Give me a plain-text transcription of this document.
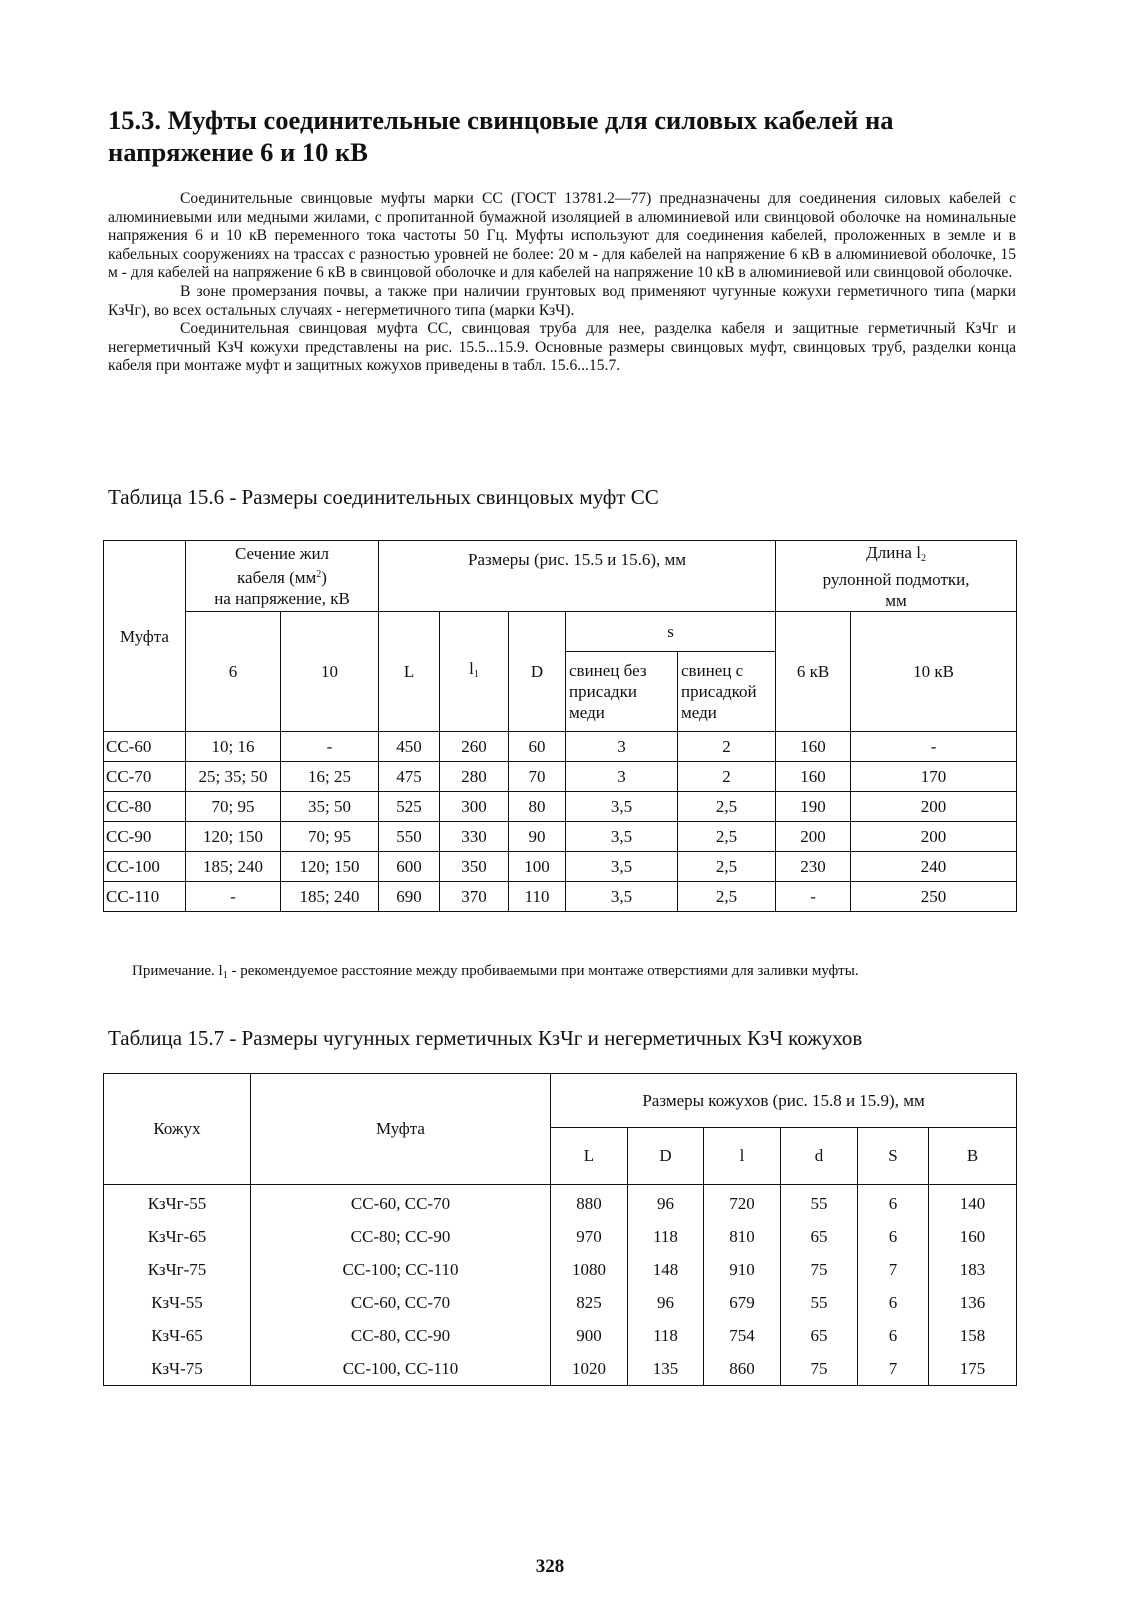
15.3. Муфты соединительные свинцовые для силовых кабелей на напряжение 6 и 10 кВ

Соединительные свинцовые муфты марки СС (ГОСТ 13781.2—77) предназначены для соединения силовых кабелей с алюминиевыми или медными жилами, с пропитанной бумажной изоляцией в алюминиевой или свинцовой оболочке на номинальные напряжения 6 и 10 кВ переменного тока частоты 50 Гц. Муфты используют для соединения кабелей, проложенных в земле и в кабельных сооружениях на трассах с разностью уровней не более: 20 м - для кабелей на напряжение 6 кВ в алюминиевой оболочке, 15 м - для кабелей на напряжение 6 кВ в свинцовой оболочке и для кабелей на напряжение 10 кВ в алюминиевой или свинцовой оболочке.

В зоне промерзания почвы, а также при наличии грунтовых вод применяют чугунные кожухи герметичного типа (марки КзЧг), во всех остальных случаях - негерметичного типа (марки КзЧ).

Соединительная свинцовая муфта СС, свинцовая труба для нее, разделка кабеля и защитные герметичный КзЧг и негерметичный КзЧ кожухи представлены на рис. 15.5...15.9. Основные размеры свинцовых муфт, свинцовых труб, разделки конца кабеля при монтаже муфт и защитных кожухов приведены в табл. 15.6...15.7.

Таблица 15.6 - Размеры соединительных свинцовых муфт СС

Муфта	Сечение жил
кабеля $(мм^2)$
на напряжение, кВ		Размеры (рис. 15.5 и 15.6), мм					Длина $l_2$
рулонной подмотки,
мм	
	6	10	L	$l_1$	D	s		6 кВ	10 кВ
						свинец без
присадки
меди	свинец с
присадкой
меди		
СС-60	10; 16	-	450	260	60	3	2	160	-
СС-70	25; 35; 50	16; 25	475	280	70	3	2	160	170
СС-80	70; 95	35; 50	525	300	80	3,5	2,5	190	200
СС-90	120; 150	70; 95	550	330	90	3,5	2,5	200	200
СС-100	185; 240	120; 150	600	350	100	3,5	2,5	230	240
СС-110	-	185; 240	690	370	110	3,5	2,5	-	250

Примечание. $l_1$ - рекомендуемое расстояние между пробиваемыми при монтаже отверстиями для заливки муфты.

Таблица 15.7 - Размеры чугунных герметичных КзЧг и негерметичных КзЧ кожухов

Кожух	Муфта	Размеры кожухов (рис. 15.8 и 15.9), мм					
		L	D	l	d	S	B
КзЧг-55	СС-60, СС-70	880	96	720	55	6	140
КзЧг-65	СС-80; СС-90	970	118	810	65	6	160
КзЧг-75	СС-100; СС-110	1080	148	910	75	7	183
КзЧ-55	СС-60, СС-70	825	96	679	55	6	136
КзЧ-65	СС-80, СС-90	900	118	754	65	6	158
КзЧ-75	СС-100, СС-110	1020	135	860	75	7	175
328
